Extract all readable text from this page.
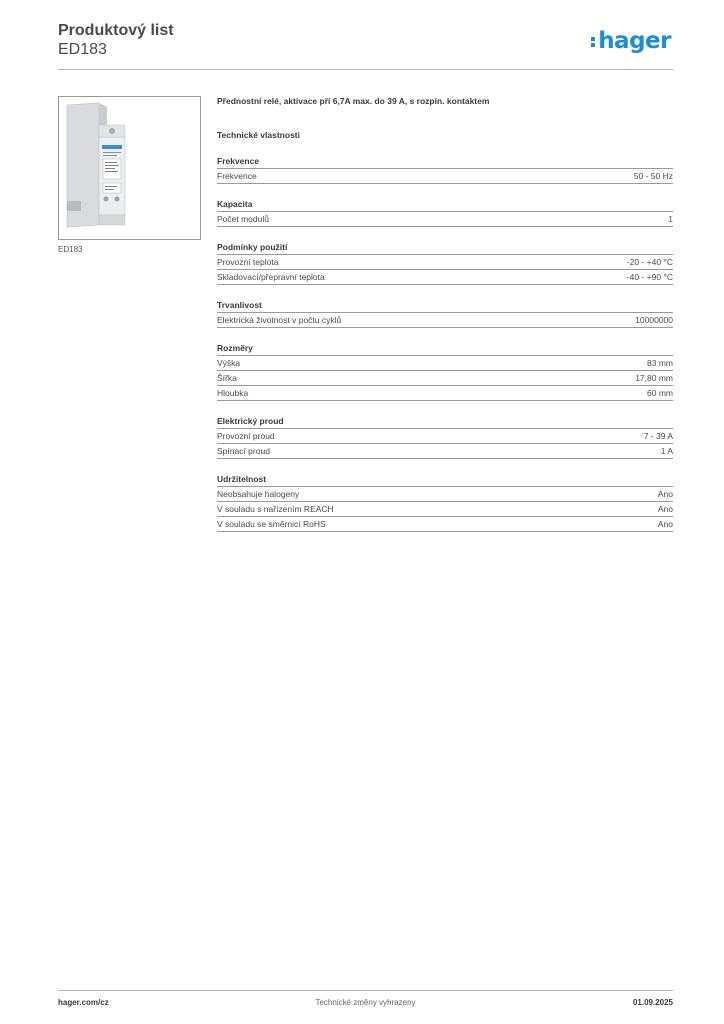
Produktový list
ED183	hager
ED183
Přednostní relé, aktivace při 6,7A max. do 39 A, s rozpín. kontaktem
Technické vlastnosti
Frekvence
Frekvence	50 - 50 Hz
Kapacita
Počet modulů	1
Podmínky použití
Provozní teplota	-20 - +40 °C
Skladovací/přepravní teplota	-40 - +90 °C
Trvanlivost
Elektrická životnost v počtu cyklů	10000000
Rozměry
Výška	83 mm
Šířka	17,80 mm
Hloubka	60 mm
Elektrický proud
Provozní proud	7 - 39 A
Spínací proud	1 A
Udržitelnost
Neobsahuje halogeny	Ano
V souladu s nařízením REACH	Ano
V souladu se směrnicí RoHS	Ano
hager.com/cz	Technické změny vyhrazeny	01.09.2025
